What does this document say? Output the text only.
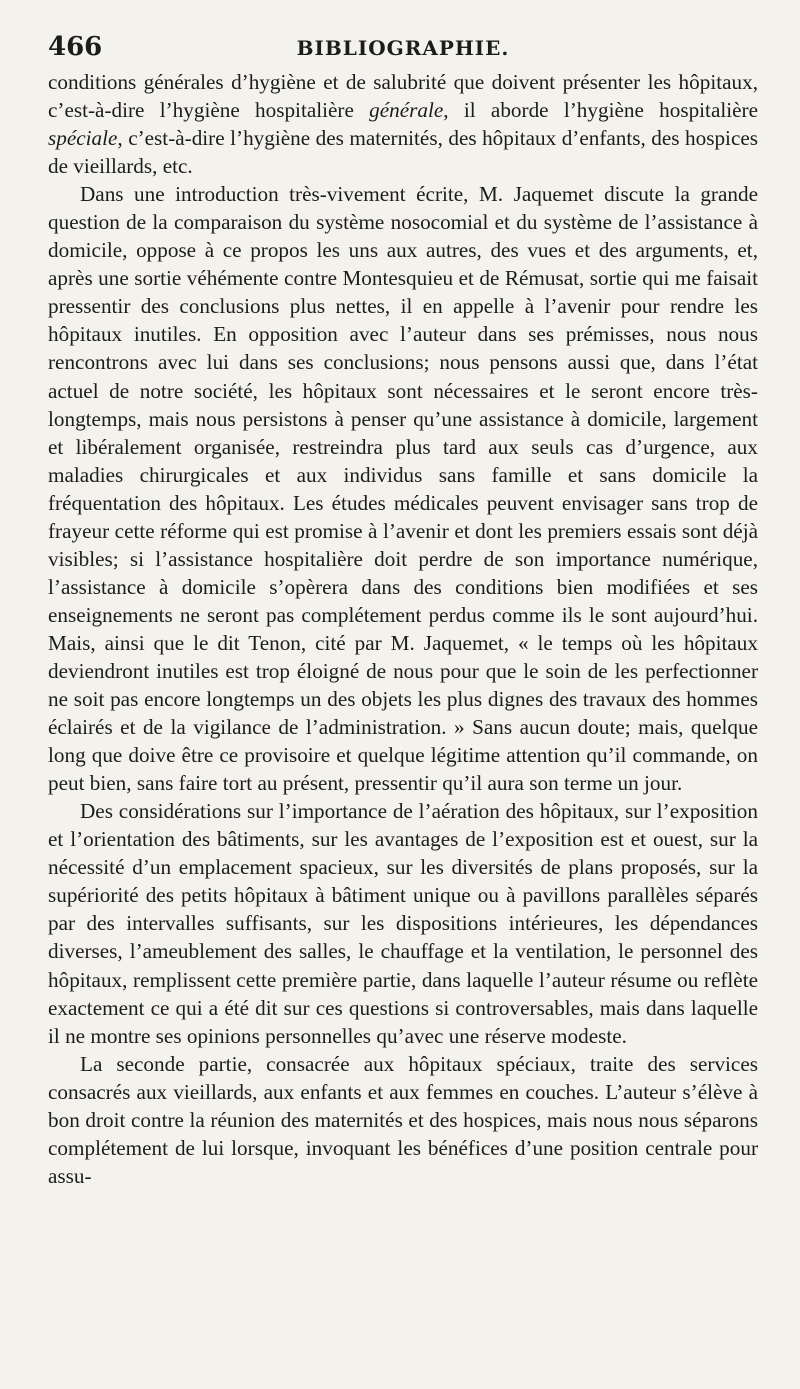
466	BIBLIOGRAPHIE.

conditions générales d’hygiène et de salubrité que doivent présenter les hôpitaux, c’est-à-dire l’hygiène hospitalière générale, il aborde l’hygiène hospitalière spéciale, c’est-à-dire l’hygiène des maternités, des hôpitaux d’enfants, des hospices de vieillards, etc.

Dans une introduction très-vivement écrite, M. Jaquemet discute la grande question de la comparaison du système nosocomial et du système de l’assistance à domicile, oppose à ce propos les uns aux autres, des vues et des arguments, et, après une sortie véhémente contre Montesquieu et de Rémusat, sortie qui me faisait pressentir des conclusions plus nettes, il en appelle à l’avenir pour rendre les hôpitaux inutiles. En opposition avec l’auteur dans ses prémisses, nous nous rencontrons avec lui dans ses conclusions; nous pensons aussi que, dans l’état actuel de notre société, les hôpitaux sont nécessaires et le seront encore très-longtemps, mais nous persistons à penser qu’une assistance à domicile, largement et libéralement organisée, restreindra plus tard aux seuls cas d’urgence, aux maladies chirurgicales et aux individus sans famille et sans domicile la fréquentation des hôpitaux. Les études médicales peuvent envisager sans trop de frayeur cette réforme qui est promise à l’avenir et dont les premiers essais sont déjà visibles; si l’assistance hospitalière doit perdre de son importance numérique, l’assistance à domicile s’opèrera dans des conditions bien modifiées et ses enseignements ne seront pas complétement perdus comme ils le sont aujourd’hui. Mais, ainsi que le dit Tenon, cité par M. Jaquemet, « le temps où les hôpitaux deviendront inutiles est trop éloigné de nous pour que le soin de les perfectionner ne soit pas encore longtemps un des objets les plus dignes des travaux des hommes éclairés et de la vigilance de l’administration. » Sans aucun doute; mais, quelque long que doive être ce provisoire et quelque légitime attention qu’il commande, on peut bien, sans faire tort au présent, pressentir qu’il aura son terme un jour.

Des considérations sur l’importance de l’aération des hôpitaux, sur l’exposition et l’orientation des bâtiments, sur les avantages de l’exposition est et ouest, sur la nécessité d’un emplacement spacieux, sur les diversités de plans proposés, sur la supériorité des petits hôpitaux à bâtiment unique ou à pavillons parallèles séparés par des intervalles suffisants, sur les dispositions intérieures, les dépendances diverses, l’ameublement des salles, le chauffage et la ventilation, le personnel des hôpitaux, remplissent cette première partie, dans laquelle l’auteur résume ou reflète exactement ce qui a été dit sur ces questions si controversables, mais dans laquelle il ne montre ses opinions personnelles qu’avec une réserve modeste.

La seconde partie, consacrée aux hôpitaux spéciaux, traite des services consacrés aux vieillards, aux enfants et aux femmes en couches. L’auteur s’élève à bon droit contre la réunion des maternités et des hospices, mais nous nous séparons complétement de lui lorsque, invoquant les bénéfices d’une position centrale pour assu-
